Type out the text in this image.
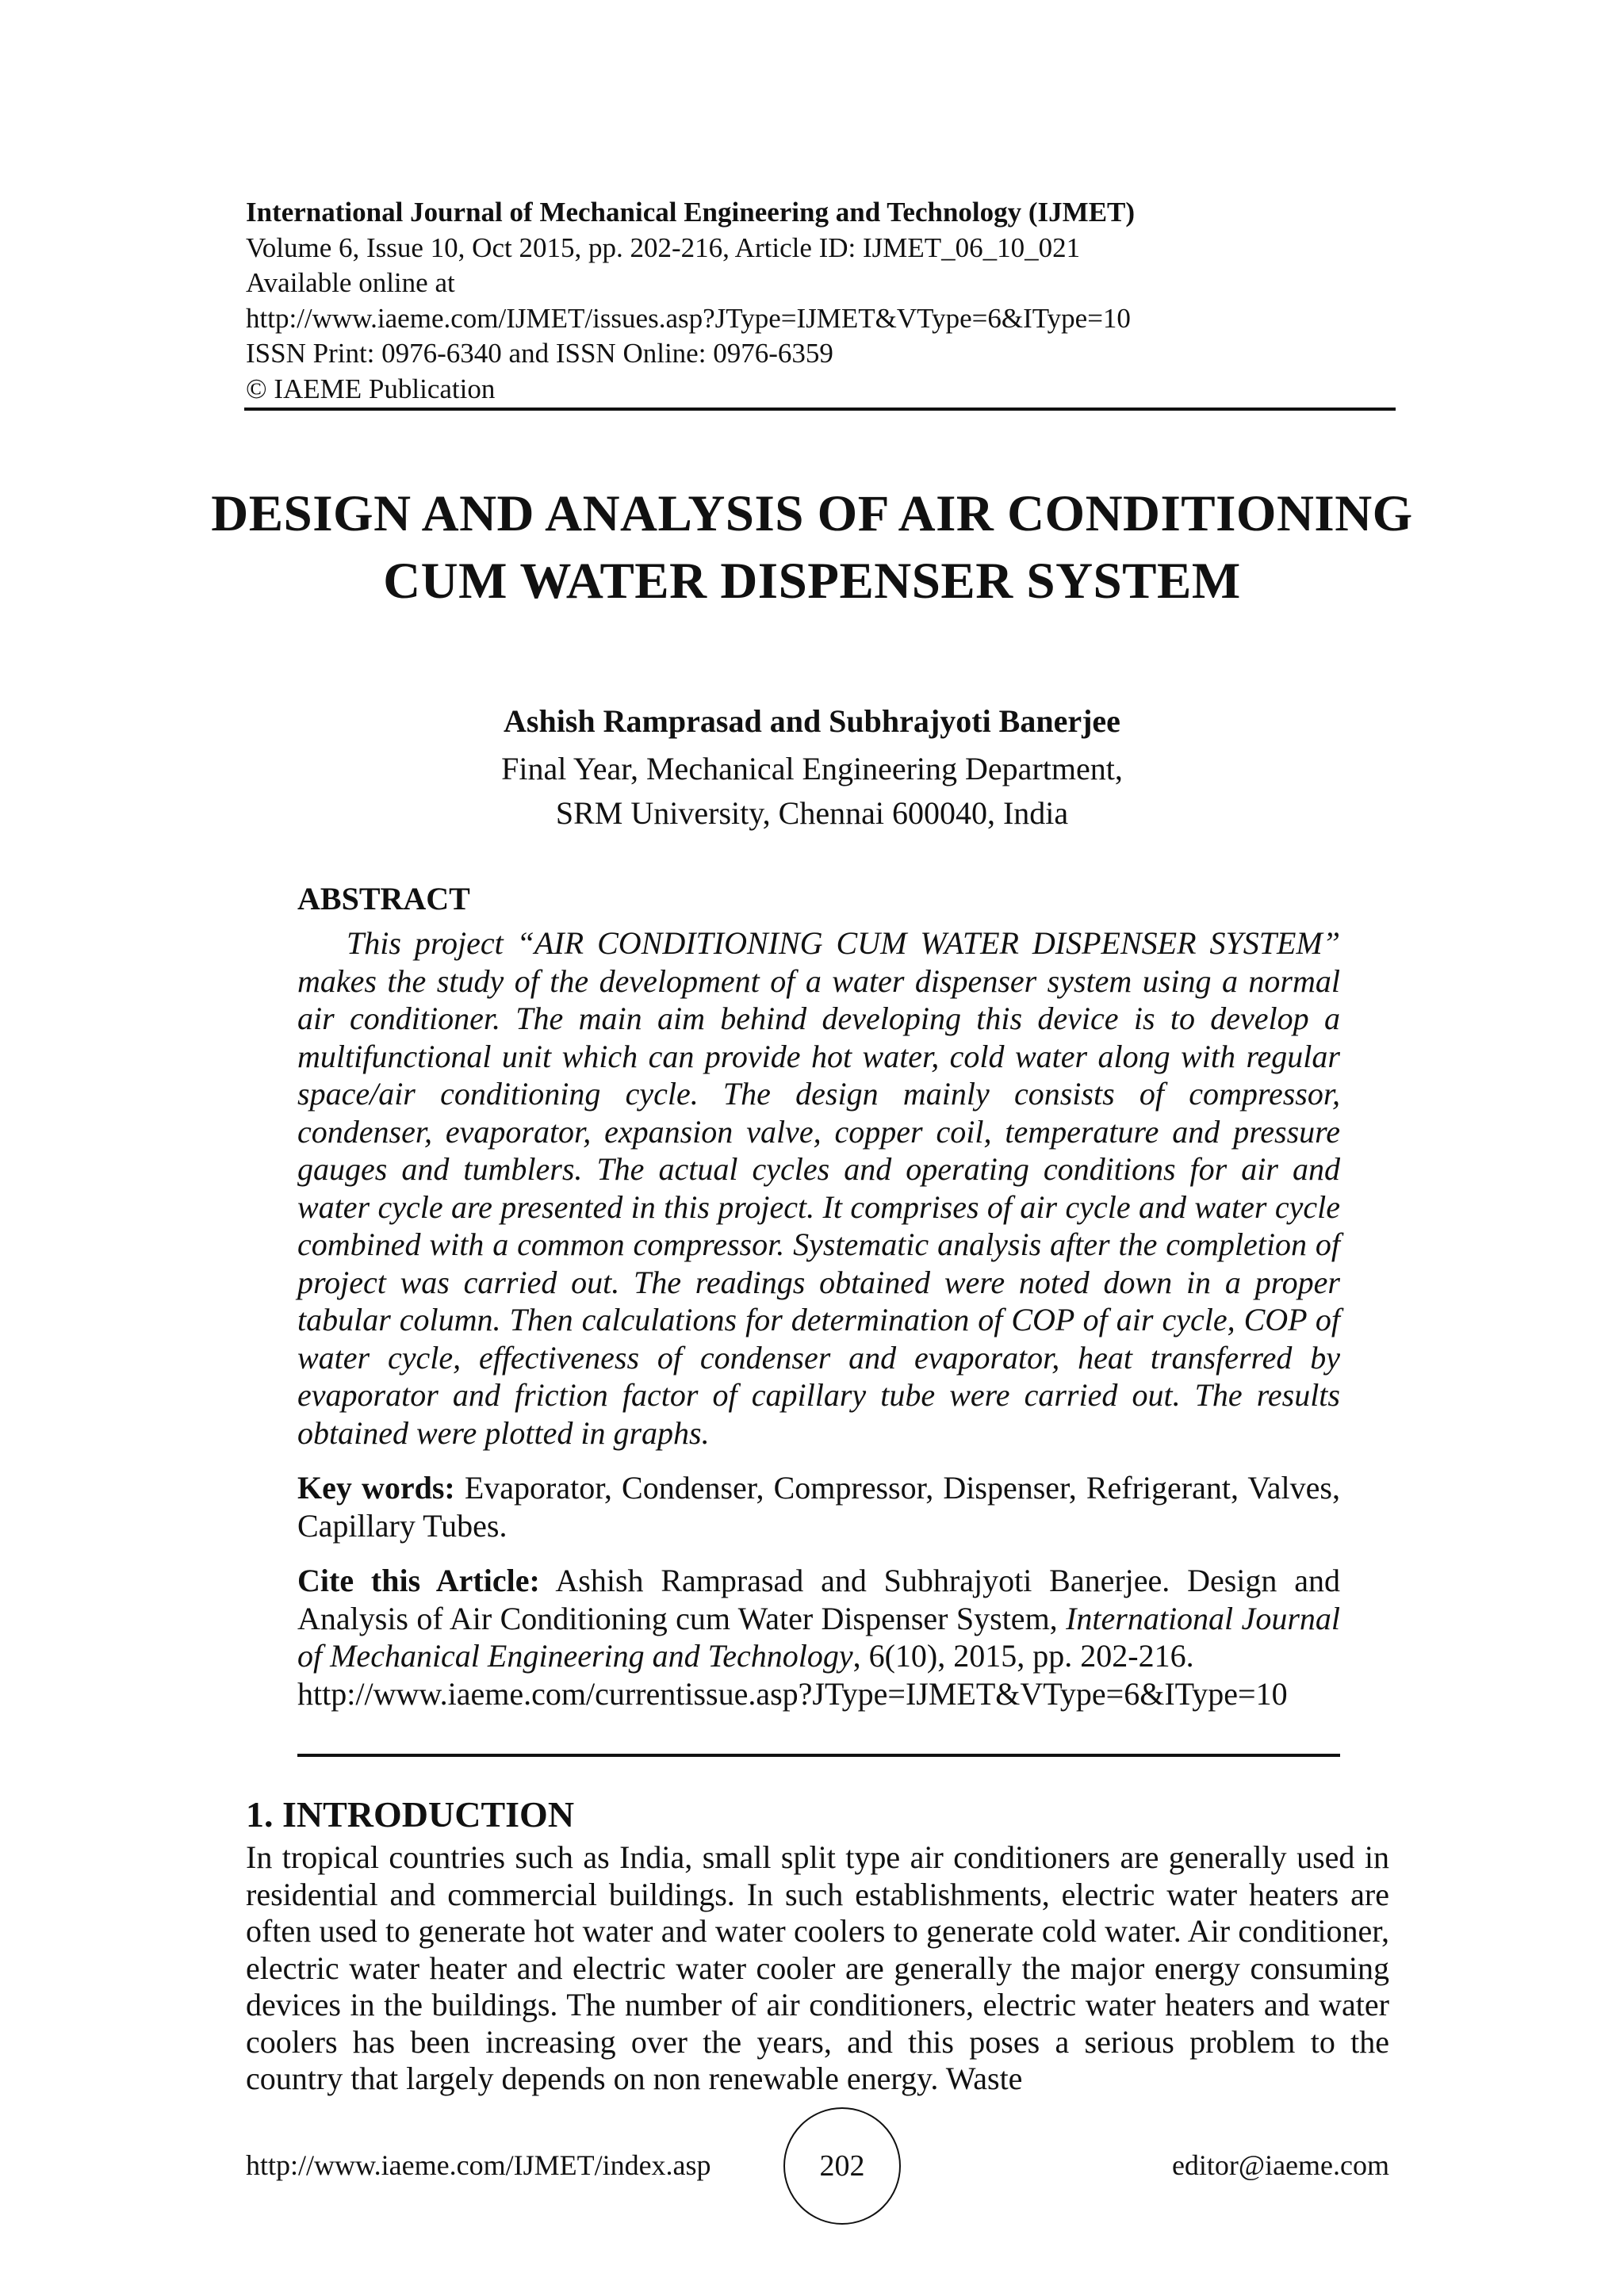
International Journal of Mechanical Engineering and Technology (IJMET)
Volume 6, Issue 10, Oct 2015, pp. 202-216, Article ID: IJMET_06_10_021
Available online at
http://www.iaeme.com/IJMET/issues.asp?JType=IJMET&VType=6&IType=10
ISSN Print: 0976-6340 and ISSN Online: 0976-6359
© IAEME Publication
DESIGN AND ANALYSIS OF AIR CONDITIONING CUM WATER DISPENSER SYSTEM
Ashish Ramprasad and Subhrajyoti Banerjee
Final Year, Mechanical Engineering Department,
SRM University, Chennai 600040, India
ABSTRACT

This project “AIR CONDITIONING CUM WATER DISPENSER SYSTEM” makes the study of the development of a water dispenser system using a normal air conditioner. The main aim behind developing this device is to develop a multifunctional unit which can provide hot water, cold water along with regular space/air conditioning cycle. The design mainly consists of compressor, condenser, evaporator, expansion valve, copper coil, temperature and pressure gauges and tumblers. The actual cycles and operating conditions for air and water cycle are presented in this project. It comprises of air cycle and water cycle combined with a common compressor. Systematic analysis after the completion of project was carried out. The readings obtained were noted down in a proper tabular column. Then calculations for determination of COP of air cycle, COP of water cycle, effectiveness of condenser and evaporator, heat transferred by evaporator and friction factor of capillary tube were carried out. The results obtained were plotted in graphs.

Key words: Evaporator, Condenser, Compressor, Dispenser, Refrigerant, Valves, Capillary Tubes.

Cite this Article: Ashish Ramprasad and Subhrajyoti Banerjee. Design and Analysis of Air Conditioning cum Water Dispenser System, International Journal of Mechanical Engineering and Technology, 6(10), 2015, pp. 202-216.
http://www.iaeme.com/currentissue.asp?JType=IJMET&VType=6&IType=10

1. INTRODUCTION

In tropical countries such as India, small split type air conditioners are generally used in residential and commercial buildings. In such establishments, electric water heaters are often used to generate hot water and water coolers to generate cold water. Air conditioner, electric water heater and electric water cooler are generally the major energy consuming devices in the buildings. The number of air conditioners, electric water heaters and water coolers has been increasing over the years, and this poses a serious problem to the country that largely depends on non renewable energy. Waste

http://www.iaeme.com/IJMET/index.asp	202	editor@iaeme.com
